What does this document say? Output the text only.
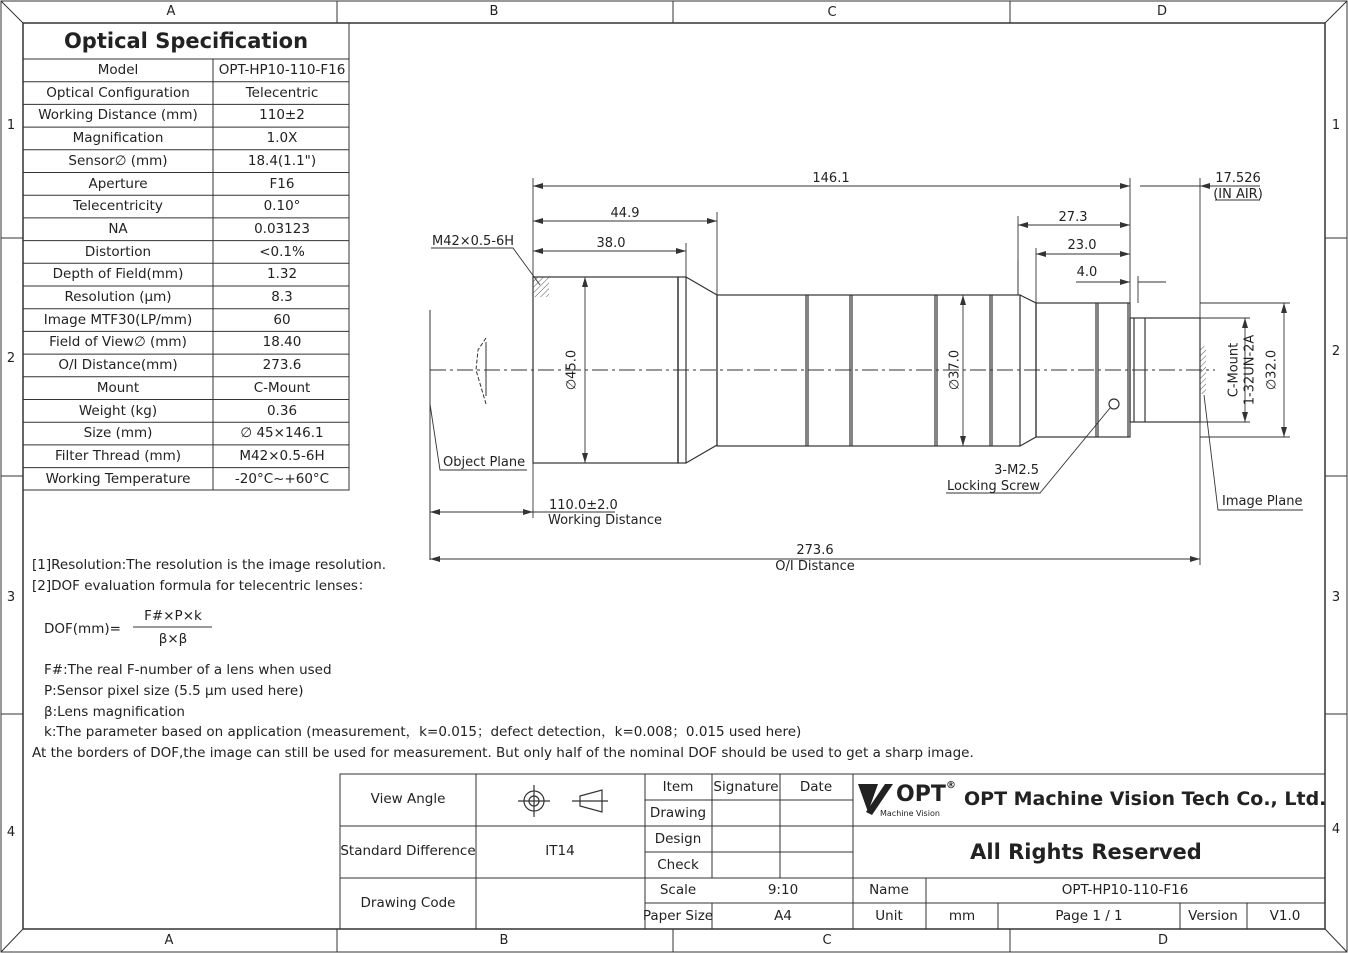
A	B	C	D
A	B	C	D
1
2
3
4
1
2
3
4
Optical Specification
Model	OPT-HP10-110-F16
Optical Configuration	Telecentric
Working Distance (mm)	110±2
Magnification	1.0X
Sensor∅ (mm)	18.4(1.1")
Aperture	F16
Telecentricity	0.10°
NA	0.03123
Distortion	<0.1%
Depth of Field(mm)	1.32
Resolution (μm)	8.3
Image MTF30(LP/mm)	60
Field of View∅ (mm)	18.40
O/I Distance(mm)	273.6
Mount	C-Mount
Weight (kg)	0.36
Size (mm)	∅ 45×146.1
Filter Thread (mm)	M42×0.5-6H
Working Temperature	-20°C~+60°C
146.1	17.526
(IN AIR)
44.9
38.0
M42×0.5-6H
27.3
23.0
4.0
∅45.0	∅37.0	C-Mount 1-32UN-2A ∅32.0
Object Plane
3-M2.5
Locking Screw
Image Plane
110.0±2.0
Working Distance
273.6
O/I Distance
[1]Resolution:The resolution is the image resolution.
[2]DOF evaluation formula for telecentric lenses：
DOF(mm)=
F#×P×k
β×β
F#:The real F-number of a lens when used
P:Sensor pixel size (5.5 μm used here)
β:Lens magnification
k:The parameter based on application (measurement，k=0.015；defect detection，k=0.008；0.015 used here)
At the borders of DOF,the image can still be used for measurement. But only half of the nominal DOF should be used to get a sharp image.
View Angle
Standard Difference	IT14
Drawing Code
Item Signature Date
Drawing
Design
Check
Scale	9:10
Paper Size	A4
OPT ®
Machine Vision
OPT Machine Vision Tech Co., Ltd.
All Rights Reserved
Name	OPT-HP10-110-F16
Unit	mm	Page 1 / 1	Version V1.0
